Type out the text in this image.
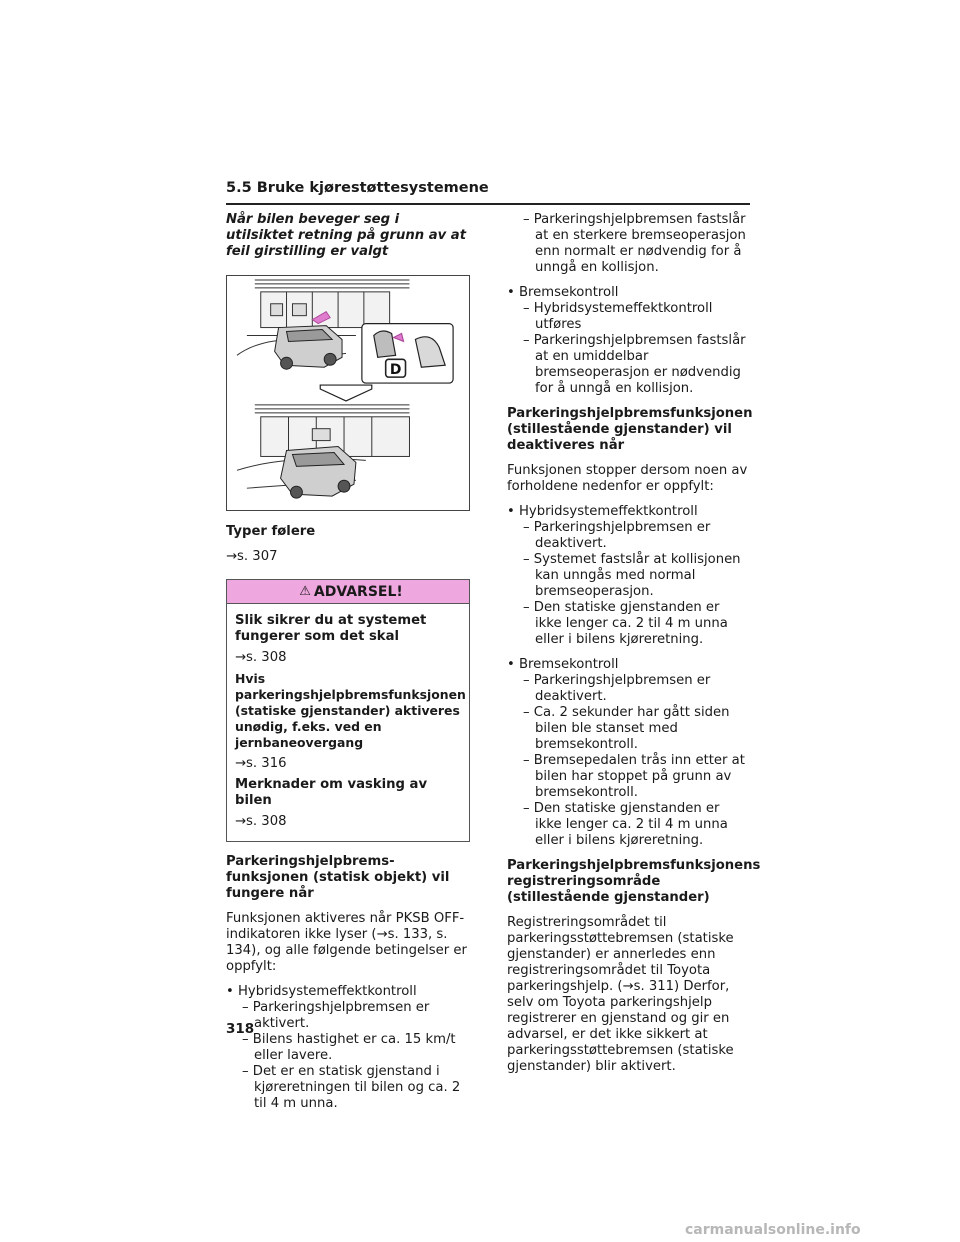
5.5 Bruke kjørestøttesystemene

Når bilen beveger seg i utilsiktet retning på grunn av at feil girstilling er valgt

D

Typer følere

→s. 307

⚠ ADVARSEL!

Slik sikrer du at systemet fungerer som det skal

→s. 308

Hvis parkeringshjelpbremsfunksjonen (statiske gjenstander) aktiveres unødig, f.eks. ved en jernbaneovergang

→s. 316

Merknader om vasking av bilen

→s. 308

Parkeringshjelpbrems-funksjonen (statisk objekt) vil fungere når

Funksjonen aktiveres når PKSB OFF-indikatoren ikke lyser (→s. 133, s. 134), og alle følgende betingelser er oppfylt:

• Hybridsystemeffektkontroll
– Parkeringshjelpbremsen er aktivert.
– Bilens hastighet er ca. 15 km/t eller lavere.
– Det er en statisk gjenstand i kjøreretningen til bilen og ca. 2 til 4 m unna.
– Parkeringshjelpbremsen fastslår at en sterkere bremseoperasjon enn normalt er nødvendig for å unngå en kollisjon.
• Bremsekontroll
– Hybridsystemeffektkontroll utføres
– Parkeringshjelpbremsen fastslår at en umiddelbar bremseoperasjon er nødvendig for å unngå en kollisjon.

Parkeringshjelpbremsfunksjonen (stillestående gjenstander) vil deaktiveres når

Funksjonen stopper dersom noen av forholdene nedenfor er oppfylt:

• Hybridsystemeffektkontroll
– Parkeringshjelpbremsen er deaktivert.
– Systemet fastslår at kollisjonen kan unngås med normal bremseoperasjon.
– Den statiske gjenstanden er ikke lenger ca. 2 til 4 m unna eller i bilens kjøreretning.
• Bremsekontroll
– Parkeringshjelpbremsen er deaktivert.
– Ca. 2 sekunder har gått siden bilen ble stanset med bremsekontroll.
– Bremsepedalen trås inn etter at bilen har stoppet på grunn av bremsekontroll.
– Den statiske gjenstanden er ikke lenger ca. 2 til 4 m unna eller i bilens kjøreretning.

Parkeringshjelpbremsfunksjonens registreringsområde (stillestående gjenstander)

Registreringsområdet til parkeringsstøttebremsen (statiske gjenstander) er annerledes enn registreringsområdet til Toyota parkeringshjelp. (→s. 311) Derfor, selv om Toyota parkeringshjelp registrerer en gjenstand og gir en advarsel, er det ikke sikkert at parkeringsstøttebremsen (statiske gjenstander) blir aktivert.

318
carmanualsonline.info
